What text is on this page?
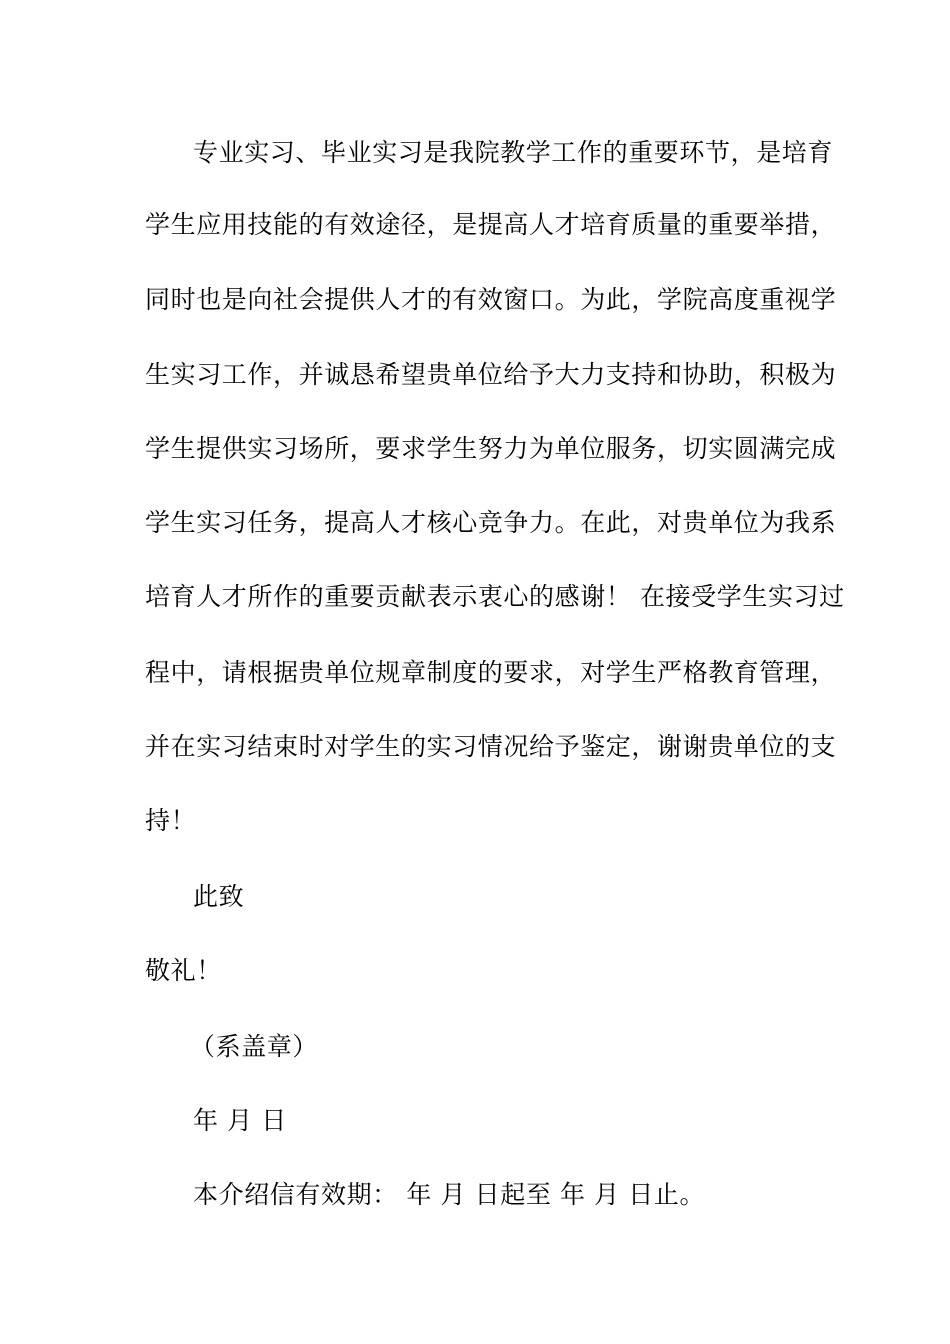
专业实习、毕业实习是我院教学工作的重要环节，是培育
学生应用技能的有效途径，是提高人才培育质量的重要举措，
同时也是向社会提供人才的有效窗口。为此，学院高度重视学
生实习工作，并诚恳希望贵单位给予大力支持和协助，积极为
学生提供实习场所，要求学生努力为单位服务，切实圆满完成
学生实习任务，提高人才核心竞争力。在此，对贵单位为我系
培育人才所作的重要贡献表示衷心的感谢！ 在接受学生实习过
程中，请根据贵单位规章制度的要求，对学生严格教育管理，
并在实习结束时对学生的实习情况给予鉴定，谢谢贵单位的支
持！
此致
敬礼！
（系盖章）
年 月 日
本介绍信有效期： 年 月 日起至 年 月 日止。
